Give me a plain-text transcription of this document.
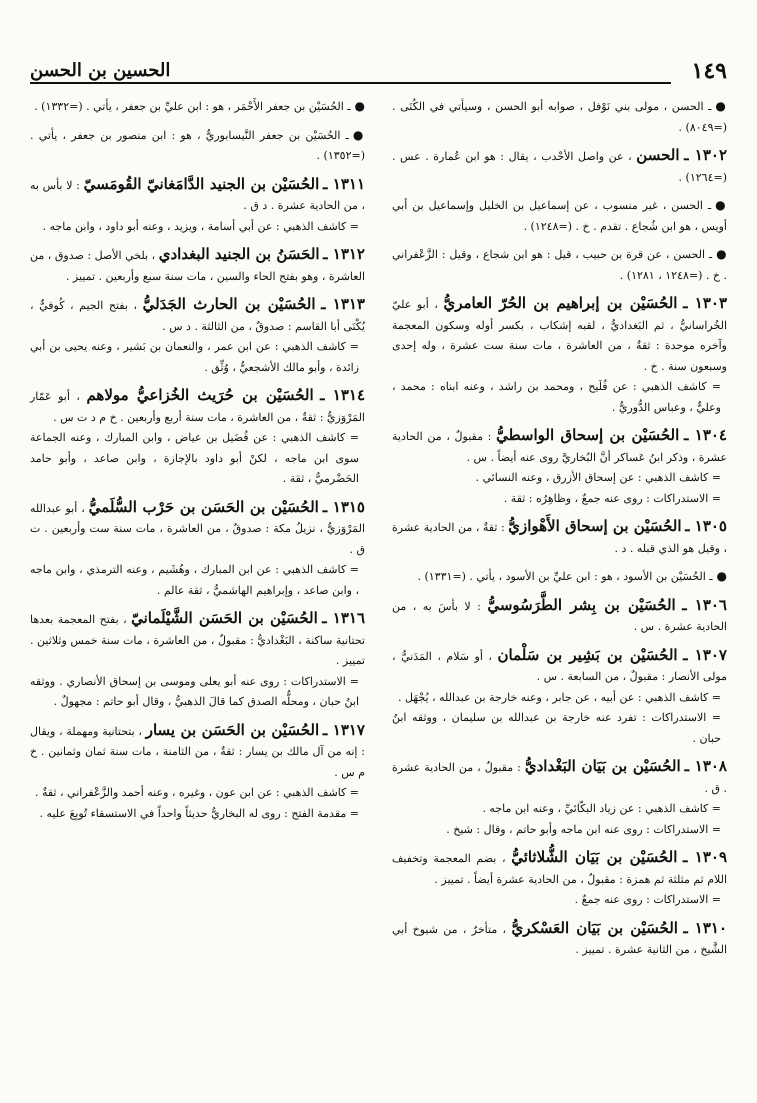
١٤٩
الحسين بن الحسن
●ـ الحسن ، مولى بني نَوْفل ، صوابه أبو الحسن ، وسيأتي في الكُنَى . (=٨٠٤٩) .
١٣٠٢ ـ الحسن ، عن واصل الأحْدب ، يقال : هو ابن عُمارة . عس . (=١٢٦٤) .
●ـ الحسن ، غير منسوب ، عن إسماعيل بن الخليل وإسماعيل بن أبي أويس ، هو ابن شُجاع . تقدم . خ . (=١٢٤٨) .
●ـ الحسن ، عن قرة بن حبيب ، قيل : هو ابن شجاع ، وقيل : الزَّعْفراني . خ . (=١٢٤٨ ، ١٢٨١) .
١٣٠٣ ـ الحُسَيْن بن إبراهيم بن الحُرّ العامريُّ ، أبو عليّ الخُراسانيُّ ، ثم البَغداديُّ ، لقبه إشكاب ، بكسر أوله وسكون المعجمة وآخره موحدة : ثقةٌ ، من العاشرة ، مات سنة ست عشرة ، وله إحدى وسبعون سنة . خ .
= كاشف الذهبي : عن فُلَيح ، ومحمد بن راشد ، وعنه ابناه : محمد ، وعليٌّ ، وعباس الدُّوريُّ .
١٣٠٤ ـ الحُسَيْن بن إسحاق الواسطيُّ : مقبولٌ ، من الحادية عشرة ، وذكر ابنُ عَساكر أنَّ البُخاريَّ روى عنه أيضاً . س .
= كاشف الذهبي : عن إسحاق الأزرق ، وعنه النسائي .
= الاستدراكات : روى عنه جمعٌ ، وظاهِرُه : ثقة .
١٣٠٥ ـ الحُسَيْن بن إسحاق الأَهْوازيُّ : ثقةٌ ، من الحادية عشرة ، وقيل هو الذي قبله . د .
●ـ الحُسَيْن بن الأسود ، هو : ابن عليِّ بن الأسود ، يأتي . (=١٣٣١) .
١٣٠٦ ـ الحُسَيْن بن بِشر الطَّرَسُوسيُّ : لا بأسَ به ، من الحادية عشرة . س .
١٣٠٧ ـ الحُسَيْن بن بَشِير بن سَلْمان ، أو سَلام ، المَدَنيُّ ، مولى الأنصار : مقبولٌ ، من السابعة . س .
= كاشف الذهبي : عن أبيه ، عن جابر ، وعنه خارجة بن عبدالله ، يُجْهَل .
= الاستدراكات : تفرد عنه خارجة بن عبدالله بن سليمان ، ووثقه ابنُ حبان .
١٣٠٨ ـ الحُسَيْن بن بَيَان البَغْداديُّ : مقبولٌ ، من الحادية عشرة . ق .
= كاشف الذهبي : عن زياد البكّائيِّ ، وعنه ابن ماجه .
= الاستدراكات : روى عنه ابن ماجه وأبو حاتم ، وقال : شيخ .
١٣٠٩ ـ الحُسَيْن بن بَيَان الشُّلاثائيُّ ، بضم المعجمة وتخفيف اللام ثم مثلثة ثم همزة : مقبولٌ ، من الحادية عشرة أيضاً . تمييز .
= الاستدراكات : روى عنه جمعٌ .
١٣١٠ ـ الحُسَيْن بن بَيَان العَسْكريُّ ، متأخرٌ ، من شيوخ أبي الشَّيخ ، من الثانية عشرة . تمييز .
●ـ الحُسَيْن بن جعفر الأَحْمَر ، هو : ابن عليِّ بن جعفر ، يأتي . (=١٣٣٢) .
●ـ الحُسَيْن بن جعفر النَّيسابوريُّ ، هو : ابن منصور بن جعفر ، يأتي . (=١٣٥٢) .
١٣١١ ـ الحُسَيْن بن الجنيد الدَّامَغانيّ القُومَسيّ : لا بأس به ، من الحادية عشرة . د ق .
= كاشف الذهبي : عن أبي أسامة ، ويزيد ، وعنه أبو داود ، وابن ماجه .
١٣١٢ ـ الحَسَنُ بن الجنيد البغدادي ، بلخي الأصل : صدوق ، من العاشرة ، وهو بفتح الحاء والسين ، مات سنة سبع وأربعين . تمييز .
١٣١٣ ـ الحُسَيْن بن الحارث الجَدَليُّ ، بفتح الجيم ، كُوفيٌّ ، يُكْنَى أبا القاسم : صدوقٌ ، من الثالثة . د س .
= كاشف الذهبي : عن ابن عمر ، والنعمان بن بَشير ، وعنه يحيى بن أبي زائدة ، وأبو مالك الأشجعيُّ ، وُثِّق .
١٣١٤ ـ الحُسَيْن بن حُرَيث الخُزاعيُّ مولاهم ، أبو عَمّار المَرْوَزيُّ : ثقةٌ ، من العاشرة ، مات سنة أربع وأربعين . خ م د ت س .
= كاشف الذهبي : عن فُضَيل بن عياض ، وابن المبارك ، وعنه الجماعة سوى ابن ماجه ، لكنْ أبو داود بالإجازة ، وابن صاعد ، وأبو حامد الحَضْرميُّ ، ثقة .
١٣١٥ ـ الحُسَيْن بن الحَسَن بن حَرْب السُّلَميُّ ، أبو عبدالله المَرْوَزيُّ ، نزيلُ مكة : صدوقٌ ، من العاشرة ، مات سنة ست وأربعين . ت ق .
= كاشف الذهبي : عن ابن المبارك ، وهُشَيم ، وعنه الترمذي ، وابن ماجه ، وابن صاعد ، وإبراهيم الهاشميُّ ، ثقة عالم .
١٣١٦ ـ الحُسَيْن بن الحَسَن الشَّيْلَمانيّ ، بفتح المعجمة بعدها تحتانية ساكنة ، البَغْداديُّ : مقبولٌ ، من العاشرة ، مات سنة خمس وثلاثين . تمييز .
= الاستدراكات : روى عنه أبو يعلى وموسى بن إسحاق الأنصاري . ووثقه ابنُ حبان ، ومحلُّه الصدق كما قالَ الذهبيُّ ، وقال أبو حاتم : مجهولٌ .
١٣١٧ ـ الحُسَيْن بن الحَسَن بن يسار ، بتحتانية ومهملة ، ويقال : إنه من آل مالك بن يسار : ثقةٌ ، من الثامنة ، مات سنة ثمان وثمانين . خ م س .
= كاشف الذهبي : عن ابن عون ، وغيره ، وعنه أحمد والزَّعْفراني ، ثقةٌ .
= مقدمة الفتح : روى له البخاريُّ حديثاً واحداً في الاستسقاء تُوبِعَ عليه .
